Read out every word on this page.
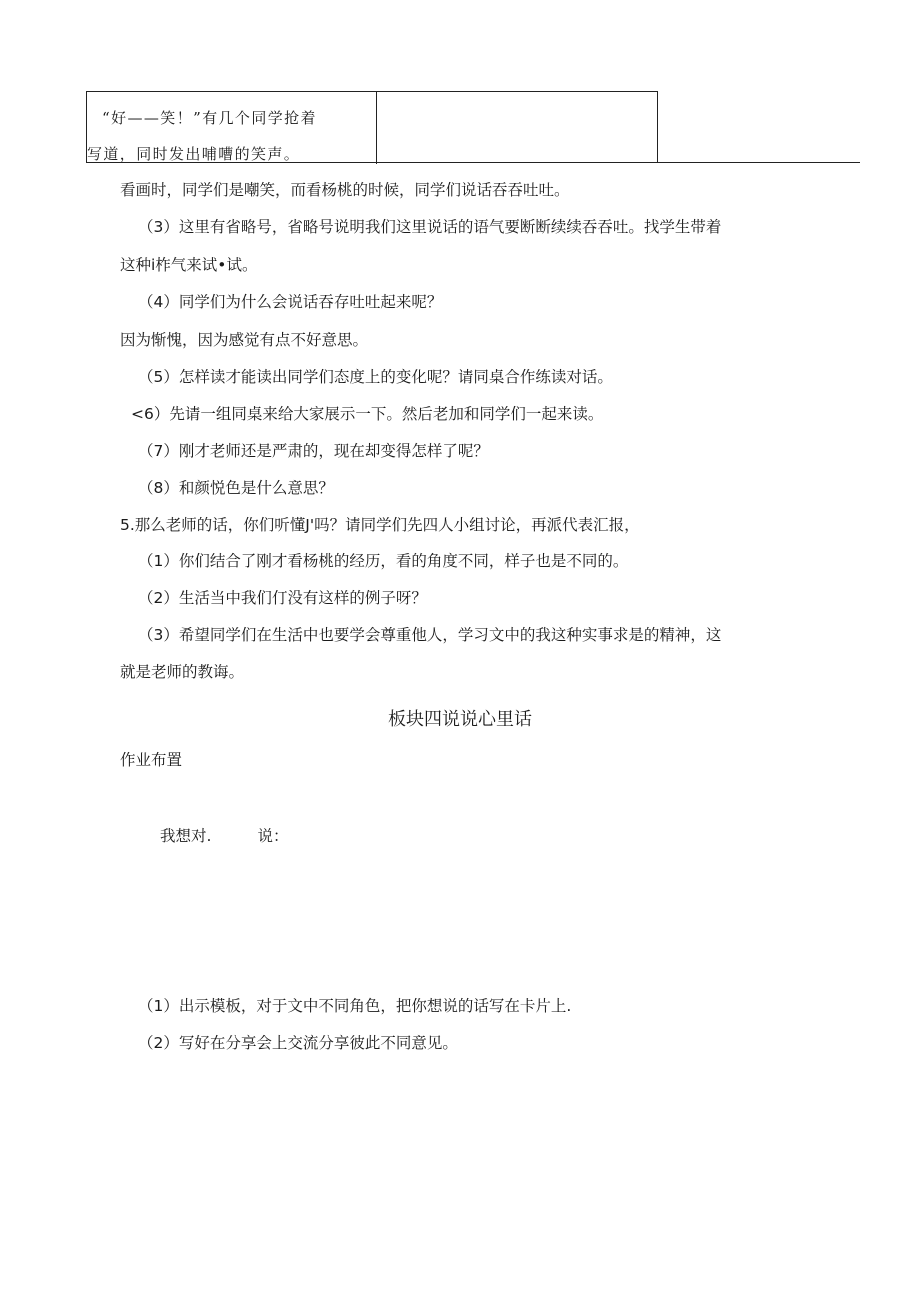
“好——笑！”有几个同学抢着
写道，同时发出哺嘈的笑声。
看画时，同学们是嘲笑，而看杨桃的时候，同学们说话吞吞吐吐。
（3）这里有省略号，省略号说明我们这里说话的语气要断断续续吞吞吐。找学生带着
这种i柞气来试•试。
（4）同学们为什么会说话吞存吐吐起来呢？
因为惭愧，因为感觉有点不好意思。
（5）怎样读才能读出同学们态度上的变化呢？请同桌合作练读对话。
<6）先请一组同桌来给大家展示一下。然后老加和同学们一起来读。
（7）刚才老师还是严肃的，现在却变得怎样了呢？
（8）和颜悦色是什么意思？
5.那么老师的话，你们听懂J'吗？请同学们先四人小组讨论，再派代表汇报，
（1）你们结合了刚才看杨桃的经历，看的角度不同，样子也是不同的。
（2）生活当中我们仃没有这样的例子呀？
（3）希望同学们在生活中也要学会尊重他人，学习文中的我这种实事求是的精神，这
就是老师的教诲。
板块四说说心里话
作业布置
我想对.	说：
（1）出示模板，对于文中不同角色，把你想说的话写在卡片上.
（2）写好在分享会上交流分享彼此不同意见。
